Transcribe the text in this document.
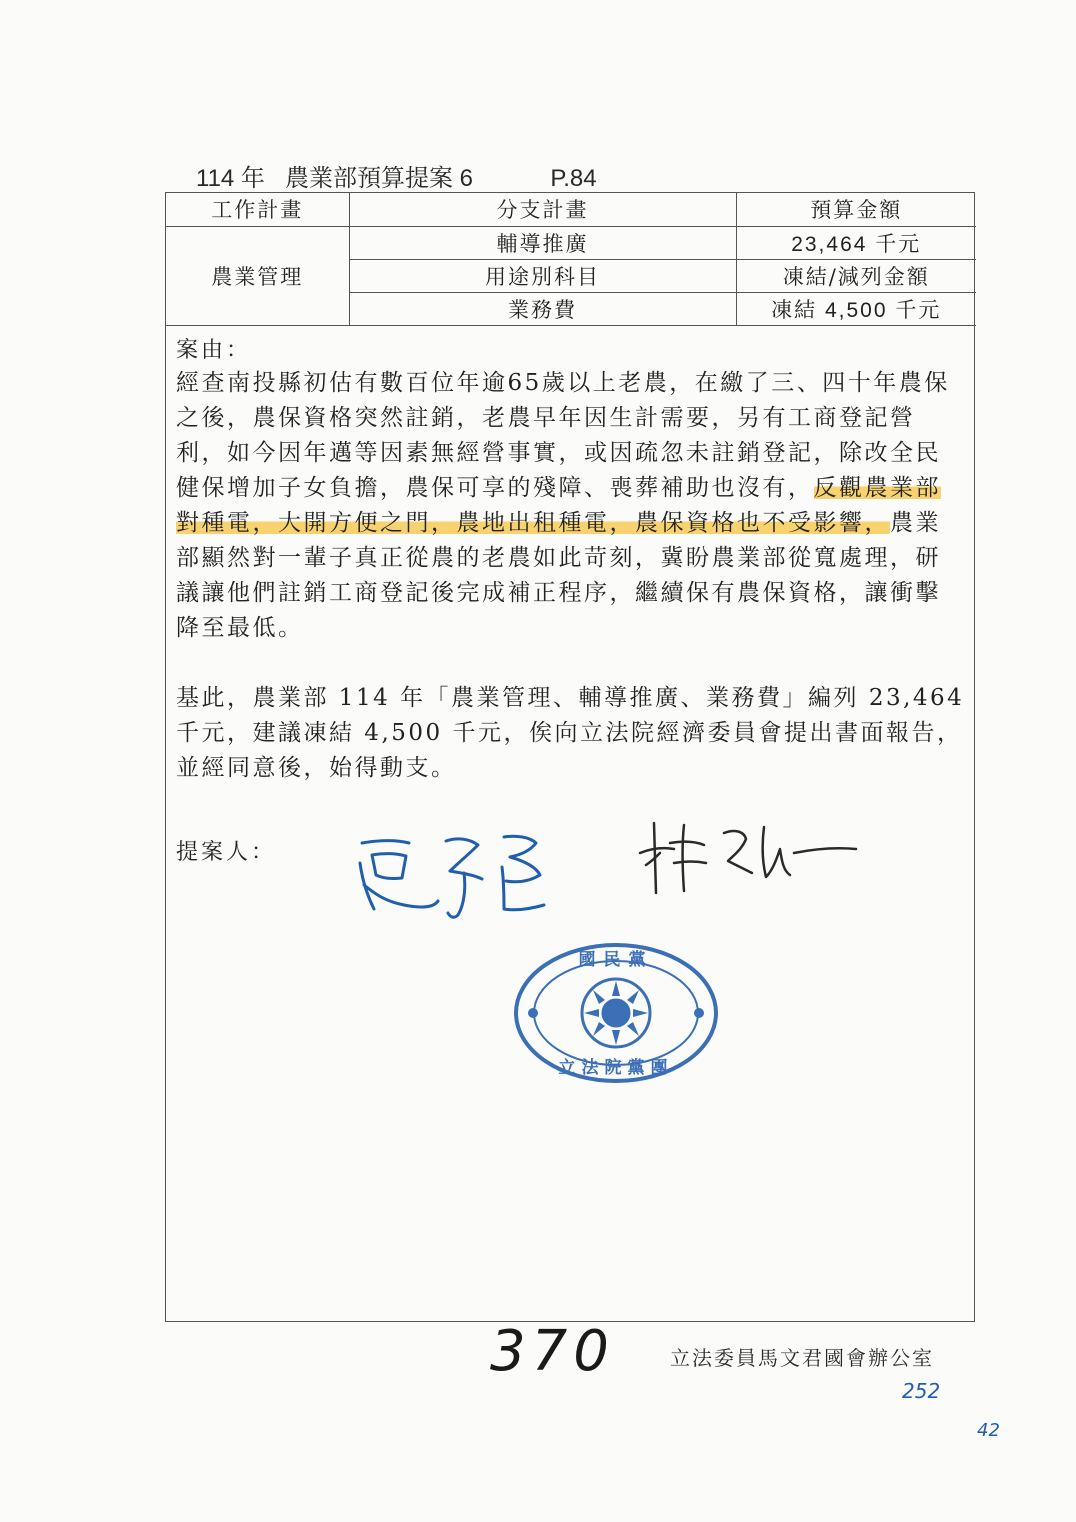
114 年 農業部預算提案 6	P.84
工作計畫	分支計畫	預算金額
農業管理	輔導推廣	23,464 千元
	用途別科目	凍結/減列金額
	業務費	凍結 4,500 千元
案由：

經查南投縣初估有數百位年逾65歲以上老農，在繳了三、四十年農保之後，農保資格突然註銷，老農早年因生計需要，另有工商登記營利，如今因年邁等因素無經營事實，或因疏忽未註銷登記，除改全民健保增加子女負擔，農保可享的殘障、喪葬補助也沒有，反觀農業部對種電，大開方便之門，農地出租種電，農保資格也不受影響，農業部顯然對一輩子真正從農的老農如此苛刻，冀盼農業部從寬處理，研議讓他們註銷工商登記後完成補正程序，繼續保有農保資格，讓衝擊降至最低。

基此，農業部 114 年「農業管理、輔導推廣、業務費」編列 23,464 千元，建議凍結 4,500 千元，俟向立法院經濟委員會提出書面報告，並經同意後，始得動支。

提案人：
國民黨
立法院黨團
370	立法委員馬文君國會辦公室
252
42
